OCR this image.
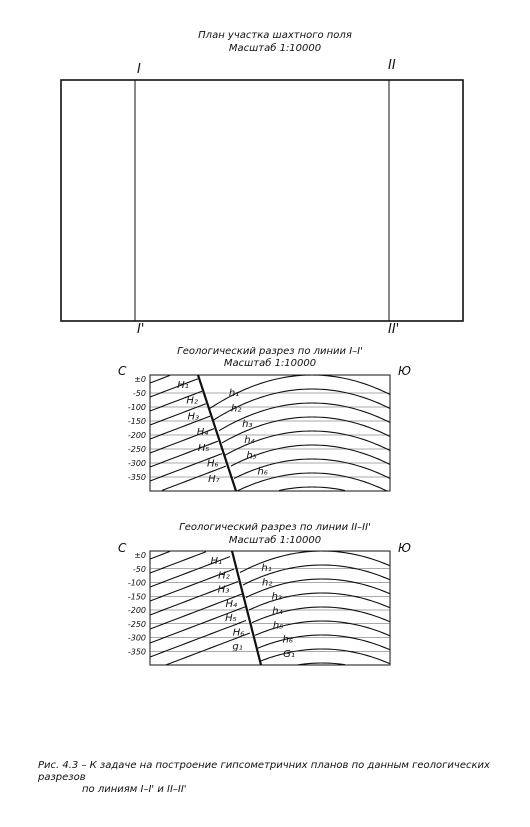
План участка шахтного поля
Масштаб 1:10000
I	II
I'	II'
Геологический разрез по линии I–I'
Масштаб 1:10000
С	Ю
Геологический разрез по линии II–II'
Масштаб 1:10000
С	Ю
±0
-50
-100
-150
-200
-250
-300
-350
H₁
h₁
H₂
h₂
H₃
h₃
H₄
h₄
H₅
h₅
H₆
h₆
H₇
±0
-50
-100
-150
-200
-250
-300
-350
H₁
h₁
H₂
h₂
H₃
h₃
H₄
h₄
H₅
h₅
H₆
h₆
g₁
G₁
Рис. 4.3 – К задаче на построение гипсометричних планов по данным геологических разрезов
по линиям I–I' и II–II'
